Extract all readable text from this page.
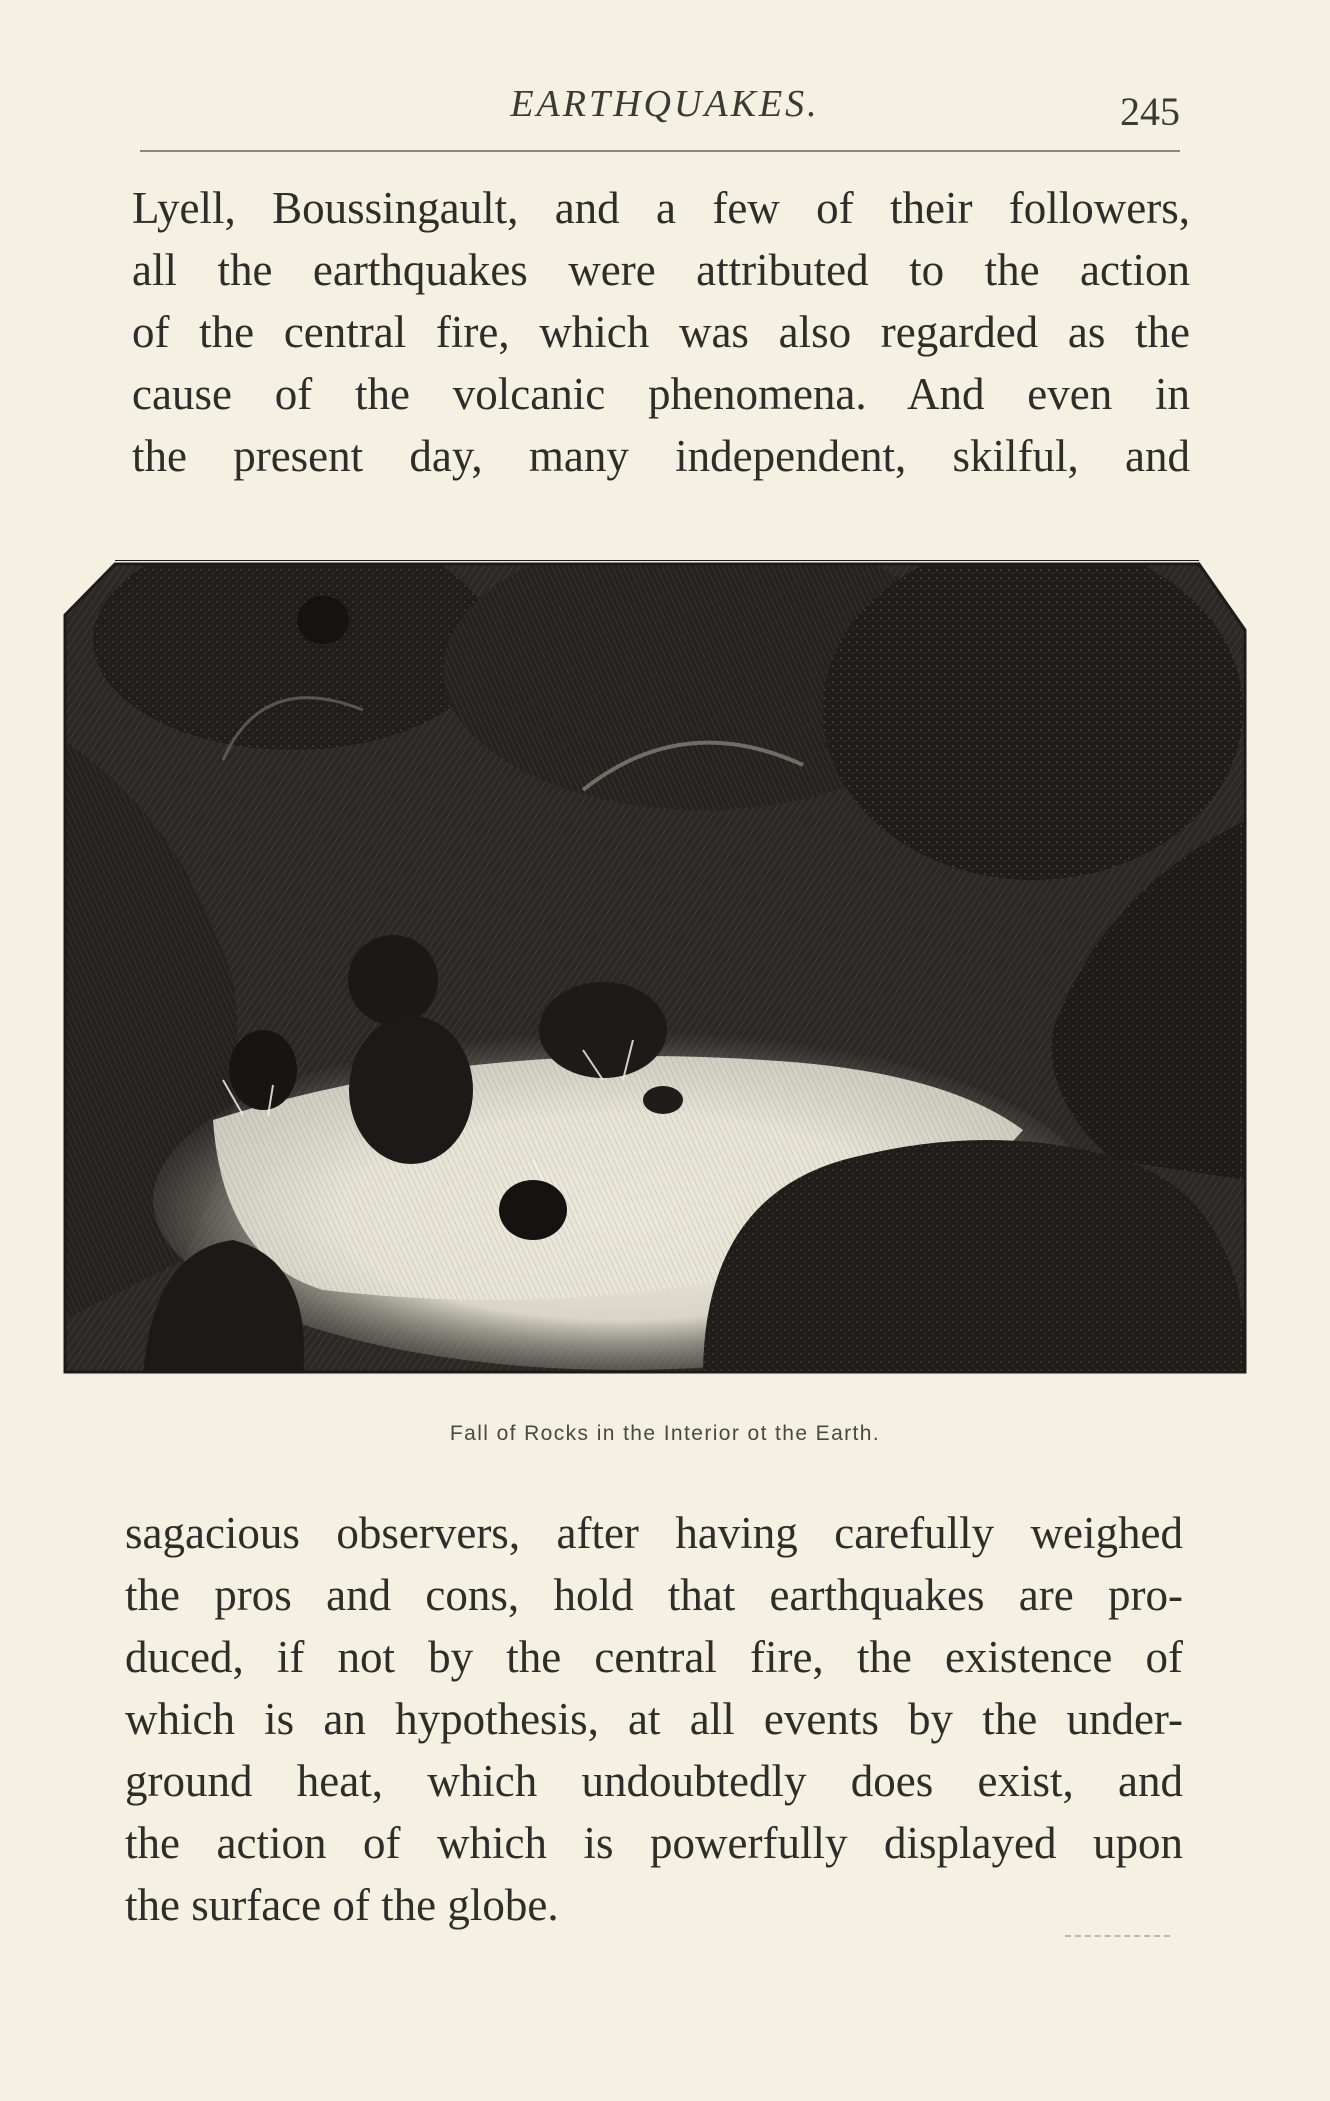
EARTHQUAKES.	245
Lyell, Boussingault, and a few of their followers,
all the earthquakes were attributed to the action
of the central fire, which was also regarded as the
cause of the volcanic phenomena. And even in
the present day, many independent, skilful, and
Fall of Rocks in the Interior ot the Earth.
sagacious observers, after having carefully weighed
the pros and cons, hold that earthquakes are pro-
duced, if not by the central fire, the existence of
which is an hypothesis, at all events by the under-
ground heat, which undoubtedly does exist, and
the action of which is powerfully displayed upon
the surface of the globe.
